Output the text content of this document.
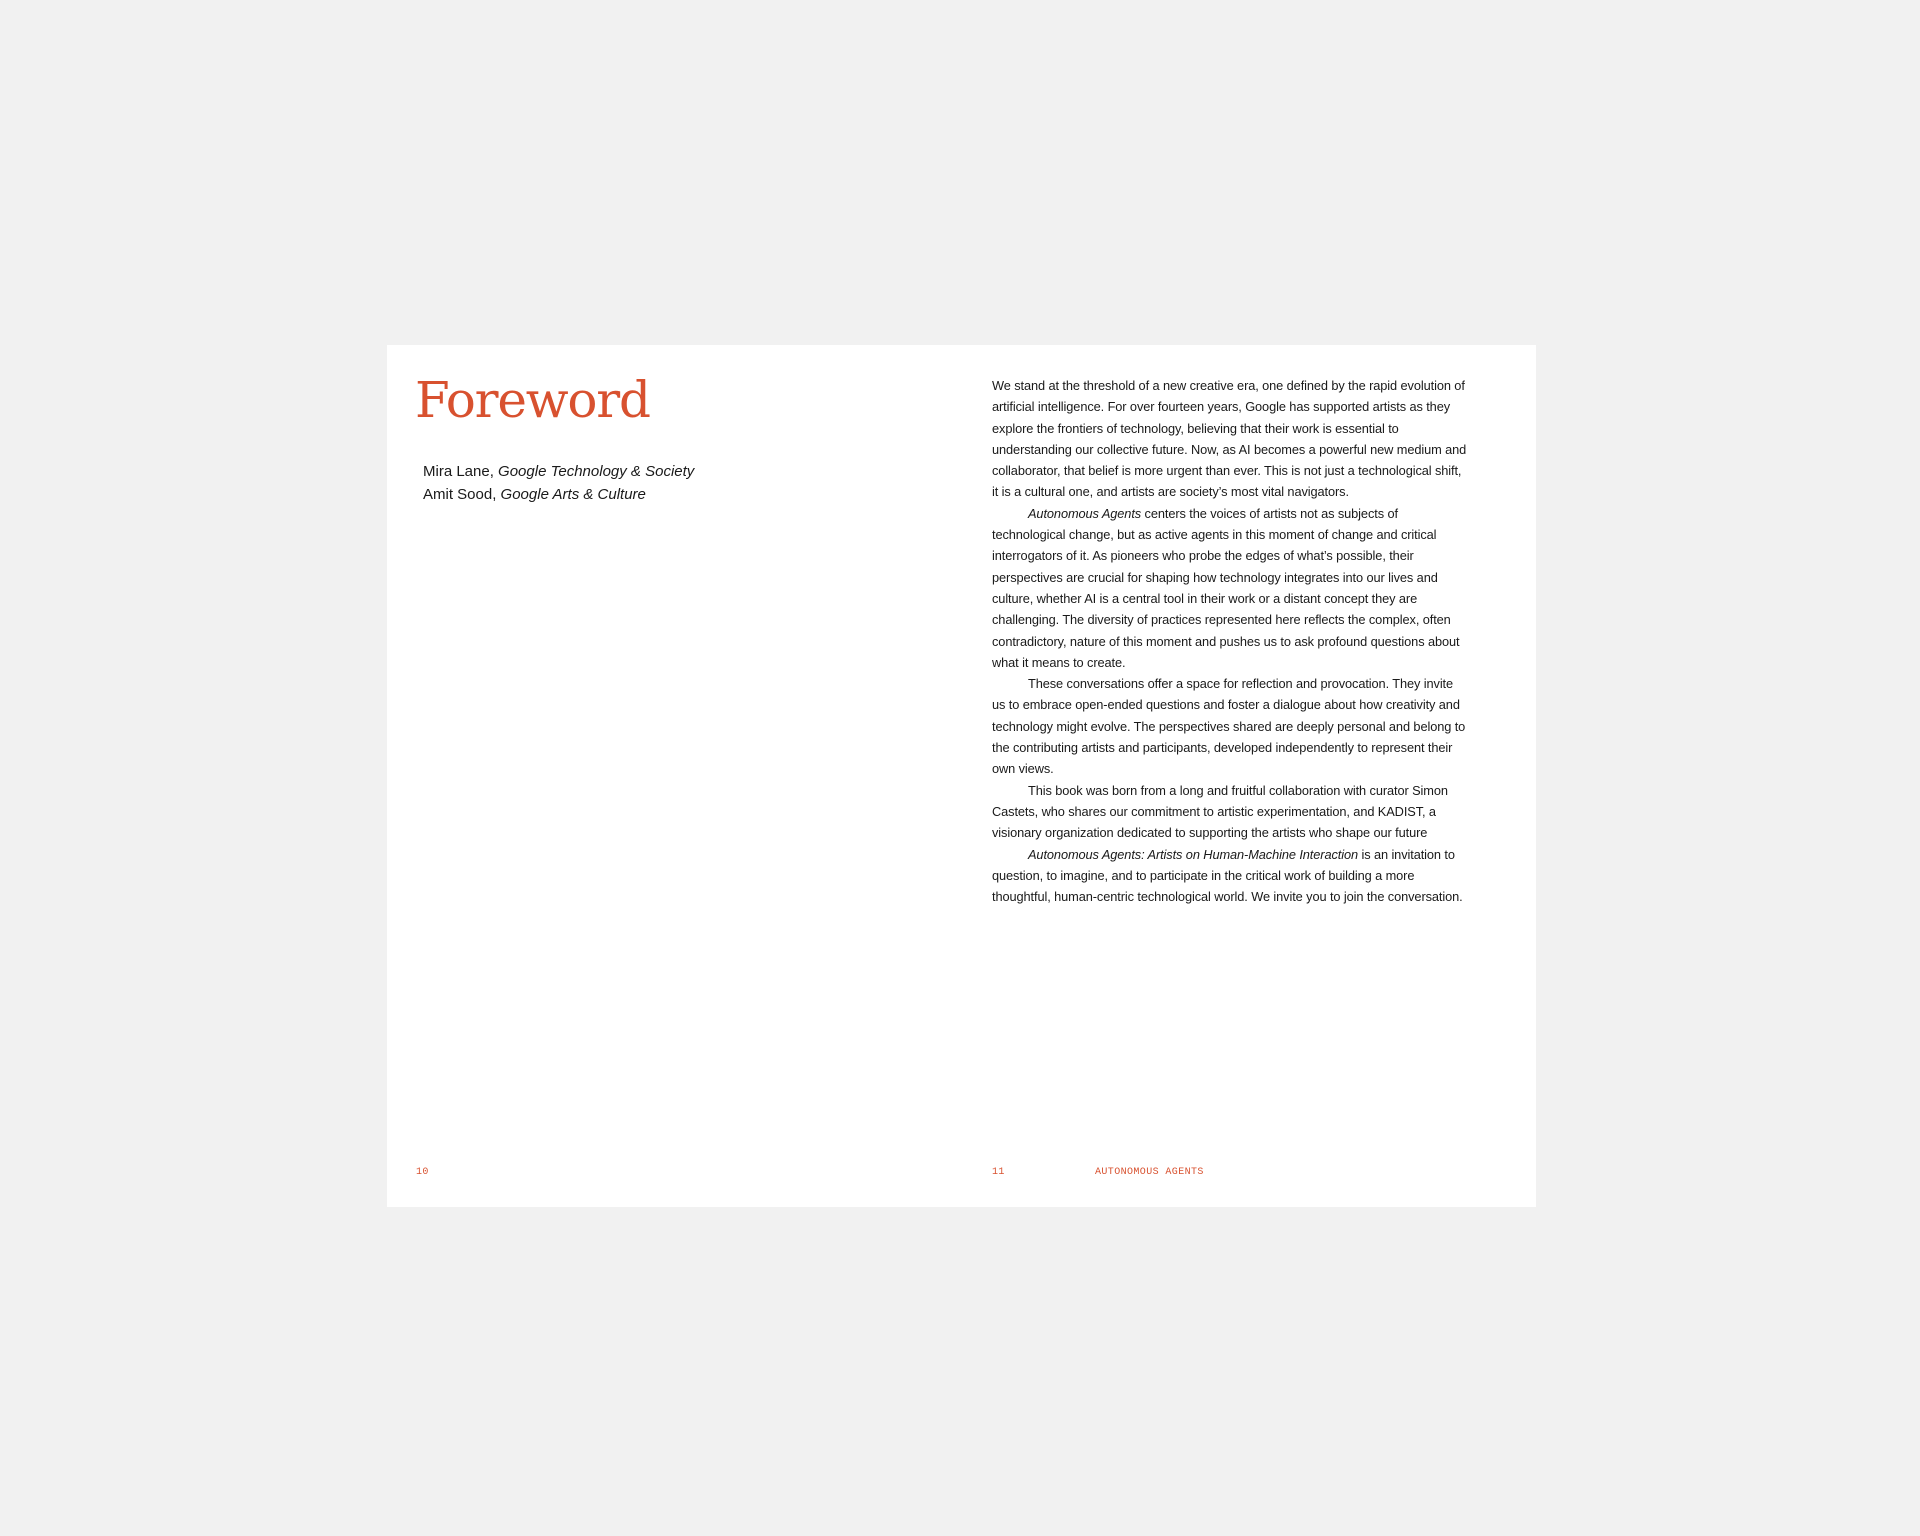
Foreword
Mira Lane, Google Technology & Society
Amit Sood, Google Arts & Culture

10

We stand at the threshold of a new creative era, one defined by the rapid evolution of artificial intelligence. For over fourteen years, Google has supported artists as they explore the frontiers of technology, believing that their work is essential to understanding our collective future. Now, as AI becomes a powerful new medium and collaborator, that belief is more urgent than ever. This is not just a technological shift, it is a cultural one, and artists are society’s most vital navigators.

Autonomous Agents centers the voices of artists not as subjects of technological change, but as active agents in this moment of change and critical interrogators of it. As pioneers who probe the edges of what’s possible, their perspectives are crucial for shaping how technology integrates into our lives and culture, whether AI is a central tool in their work or a distant concept they are challenging. The diversity of practices represented here reflects the complex, often contradictory, nature of this moment and pushes us to ask profound questions about what it means to create.

These conversations offer a space for reflection and provocation. They invite us to embrace open-ended questions and foster a dialogue about how creativity and technology might evolve. The perspectives shared are deeply personal and belong to the contributing artists and participants, developed independently to represent their own views.

This book was born from a long and fruitful collaboration with curator Simon Castets, who shares our commitment to artistic experimentation, and KADIST, a visionary organization dedicated to supporting the artists who shape our future

Autonomous Agents: Artists on Human-Machine Interaction is an invitation to question, to imagine, and to participate in the critical work of building a more thoughtful, human-centric technological world. We invite you to join the conversation.

11	AUTONOMOUS AGENTS
